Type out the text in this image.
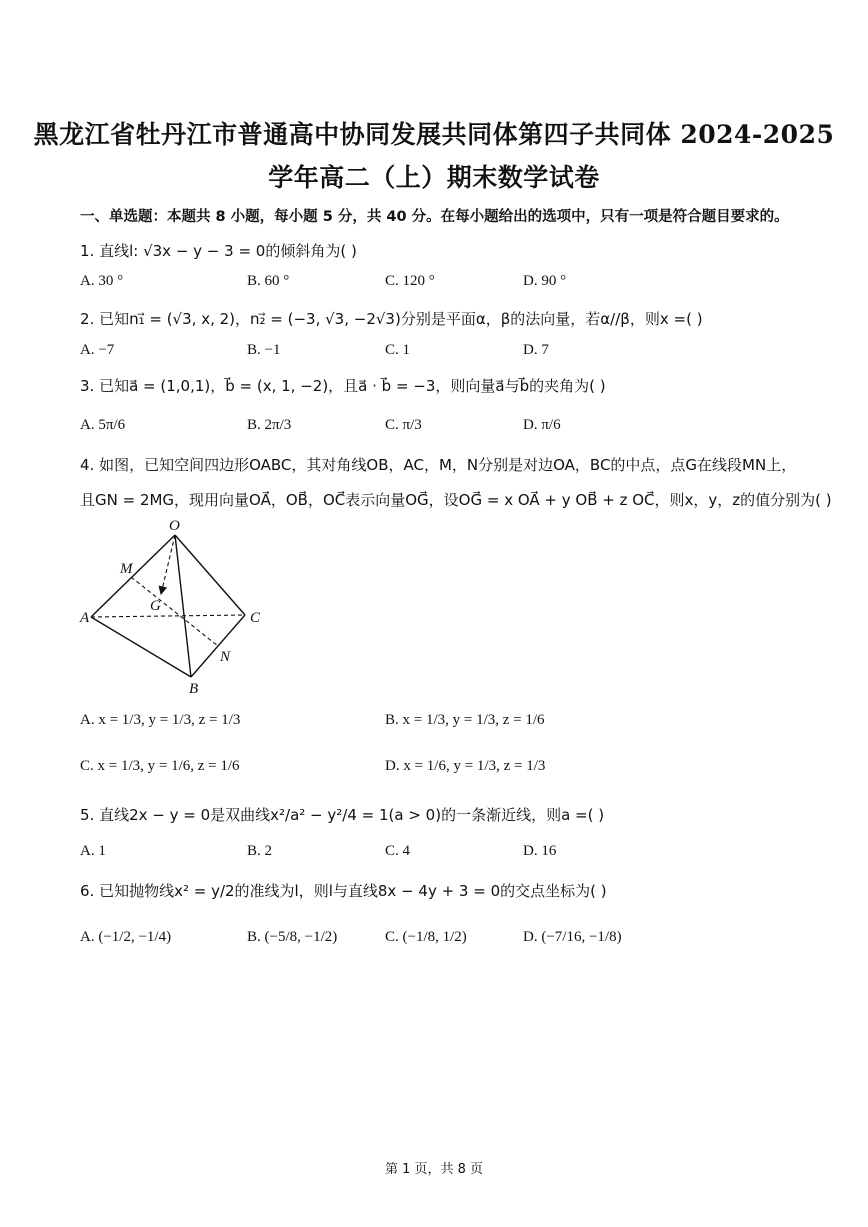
黑龙江省牡丹江市普通高中协同发展共同体第四子共同体 2024-2025
学年高二（上）期末数学试卷
一、单选题：本题共 8 小题，每小题 5 分，共 40 分。在每小题给出的选项中，只有一项是符合题目要求的。
1. 直线l: √3x − y − 3 = 0的倾斜角为( )
A. 30 °	B. 60 °	C. 120 °	D. 90 °
2. 已知n₁⃗ = (√3, x, 2)，n₂⃗ = (−3, √3, −2√3)分别是平面α，β的法向量，若α//β，则x =( )
A. −7	B. −1	C. 1	D. 7
3. 已知a⃗ = (1,0,1)，b⃗ = (x, 1, −2)，且a⃗ · b⃗ = −3，则向量a⃗与b⃗的夹角为( )
A. 5π/6	B. 2π/3	C. π/3	D. π/6
4. 如图，已知空间四边形OABC，其对角线OB，AC，M，N分别是对边OA，BC的中点，点G在线段MN上，
且GN = 2MG，现用向量OA⃗，OB⃗，OC⃗表示向量OG⃗，设OG⃗ = x OA⃗ + y OB⃗ + z OC⃗，则x，y，z的值分别为( )
O
M
G
A	C
N
B
A. x = 1/3, y = 1/3, z = 1/3	B. x = 1/3, y = 1/3, z = 1/6
C. x = 1/3, y = 1/6, z = 1/6	D. x = 1/6, y = 1/3, z = 1/3
5. 直线2x − y = 0是双曲线x²/a² − y²/4 = 1(a > 0)的一条渐近线，则a =( )
A. 1	B. 2	C. 4	D. 16
6. 已知抛物线x² = y/2的准线为l，则l与直线8x − 4y + 3 = 0的交点坐标为( )
A. (−1/2, −1/4)	B. (−5/8, −1/2)	C. (−1/8, 1/2)	D. (−7/16, −1/8)
第 1 页，共 8 页
